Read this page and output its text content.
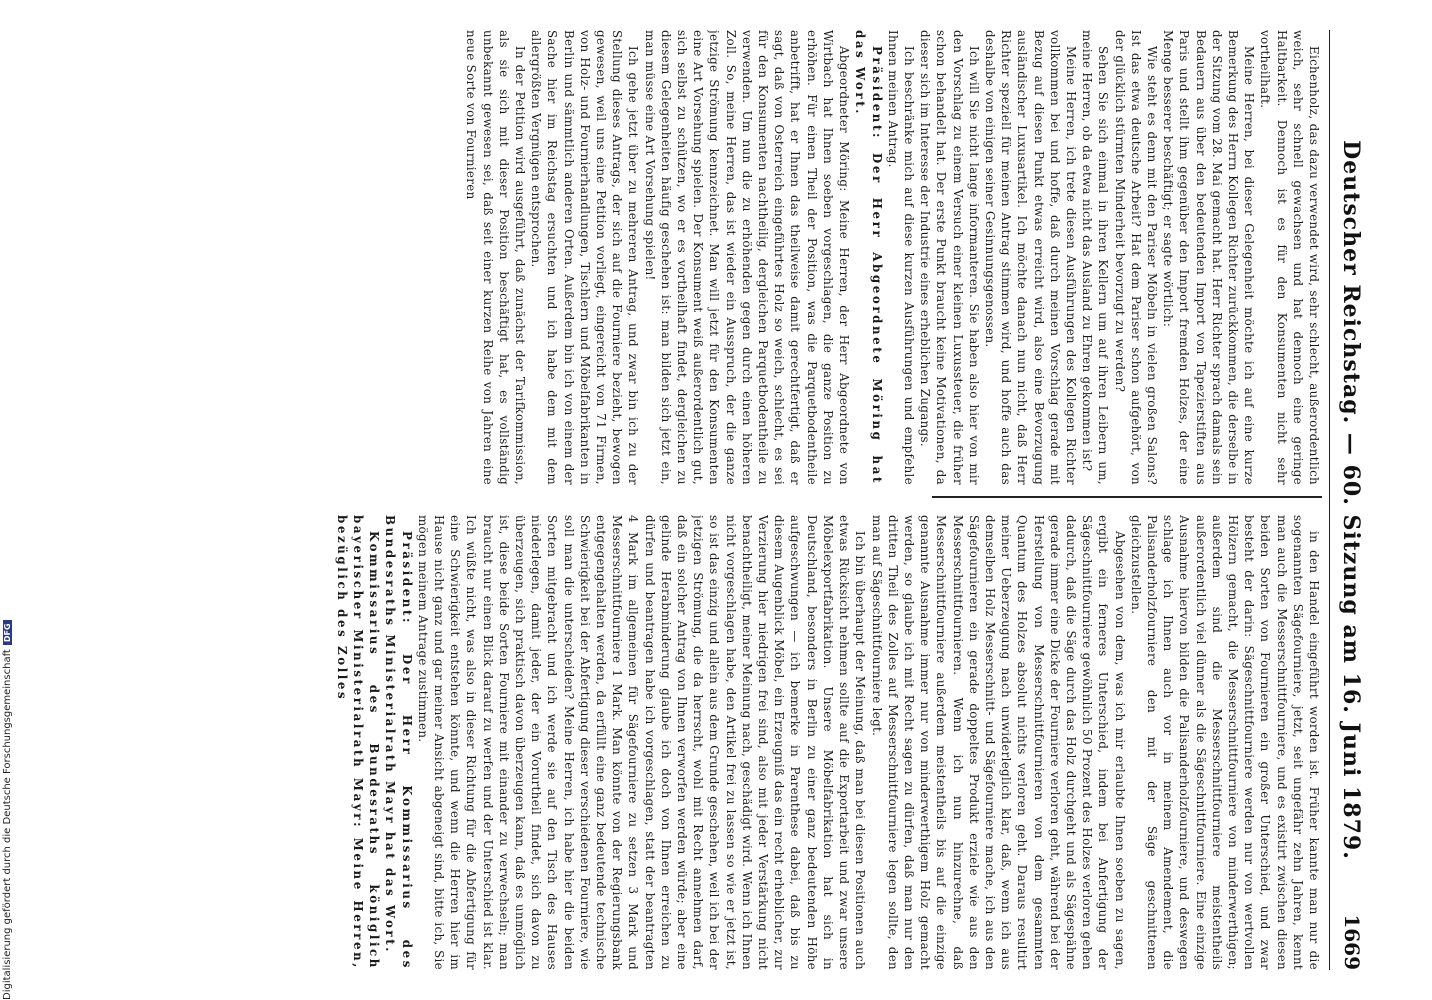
Digitalisierung gefördert durch die Deutsche ForschungsgemeinschaftDFG	Deutscher Reichstag. — 60. Sitzung am 16. Juni 1879.
1669

Eichenholz, das dazu verwendet wird, sehr schlecht, außerordentlich weich, sehr schnell gewachsen und hat dennoch eine geringe Haltbarkeit. Dennoch ist es für den Konsumenten nicht sehr vortheilhaft.

Meine Herren, bei dieser Gelegenheit möchte ich auf eine kurze Bemerkung des Herrn Kollegen Richter zurückkommen, die derselbe in der Sitzung vom 28. Mai gemacht hat. Herr Richter sprach damals sein Bedauern aus über den bedeutenden Import von Tapezierstiften aus Paris und stellt ihm gegenüber den Import fremden Holzes, der eine Menge besserer beschäftigt; er sagte wörtlich:

Wie steht es denn mit den Pariser Möbeln in vielen großen Salons? Ist das etwa deutsche Arbeit? Hat dem Pariser schon aufgehört, von der glücklich stürmten Minderheit bevorzugt zu werden?

Sehen Sie sich einmal in ihren Kellern um auf ihren Leibern um, meine Herren, ob da etwa nicht das Ausland zu Ehren gekommen ist?

Meine Herren, ich trete diesen Ausführungen des Kollegen Richter vollkommen bei und hoffe, daß durch meinen Vorschlag gerade mit Bezug auf diesen Punkt etwas erreicht wird, also eine Bevorzugung ausländischer Luxusartikel. Ich möchte danach nun nicht, daß Herr Richter speziell für meinen Antrag stimmen wird, und hoffe auch das deshalbe von einigen seiner Gesinnungsgenossen.

Ich will Sie nicht lange informanteren. Sie haben also hier von mir den Vorschlag zu einem Versuch einer kleinen Luxussteuer, die früher schon behandelt hat. Der erste Punkt braucht keine Motivationen, da dieser sich im Interesse der Industrie eines erheblichen Zugangs.

Ich beschränke mich auf diese kurzen Ausführungen und empfehle Ihnen meinen Antrag.

Präsident: Der Herr Abgeordnete Möring hat das Wort.

Abgeordneter Möring: Meine Herren, der Herr Abgeordnete von Wirtbach hat Ihnen soeben vorgeschlagen, die ganze Position zu erhöhen. Für einen Theil der Position, was die Parquetbodentheile anbetrifft, hat er Ihnen das theilweise damit gerechtfertigt, daß er sagt, daß von Osterreich eingeführtes Holz so weich, schlecht, es sei für den Konsumenten nachtheilig, dergleichen Parquetbodentheile zu verwenden. Um nun die zu erhöhenden gegen durch einen höheren Zoll. So, meine Herren, das ist wieder ein Ausspruch, der die ganze jetzige Strömung kennzeichnet. Man will jetzt für den Konsumenten eine Art Vorsehung spielen. Der Konsument weiß außerordentlich gut, sich selbst zu schützen, wo er es vortheilhaft findet, dergleichen zu diesem Gelegenheiten häufig geschehen ist: man bilden sich jetzt ein, man müsse eine Art Vorsehung spielen!

Ich gehe jetzt über zu mehreren Antrag, und zwar bin ich zu der Stellung dieses Antrags, der sich auf die Fourniere bezieht, bewogen gewesen, weil uns eine Petition vorliegt, eingereicht von 71 Firmen, von Holz- und Fournierhandlungen, Tischlern und Möbelfabrikanten in Berlin und sämmtlich anderen Orten. Außerdem bin ich von einem der Sache hier im Reichstag ersuchten und ich habe dem mit dem allergrößten Vergnügen entsprochen.

In der Petition wird ausgeführt, daß zunächst der Tarifkommission, als sie sich mit dieser Position beschäftigt hat, es vollständig unbekannt gewesen sei, daß seit einer kurzen Reihe von Jahren eine neue Sorte von Fournieren

in den Handel eingeführt worden ist. Früher kannte man nur die sogenannten Sägefourniere, jetzt, seit ungefähr zehn Jahren, kennt man auch die Messerschnittfourniere, und es existirt zwischen diesen beiden Sorten von Fournieren ein großer Unterschied, und zwar besteht der darin: Sägeschnittfourniere werden nur von wertvollen Hölzern gemacht, die Messerschnittfourniere von minderwerthigen; außerdem sind die Messerschnittfourniere meistentheils außerordentlich viel dünner als die Sägeschnittfourniere. Eine einzige Ausnahme hiervon bilden die Palisanderholzfourniere, und deswegen schlage ich Ihnen auch vor in meinem Amendement, die Palisanderholzfourniere den mit der Säge geschnittenen gleichzustellen.

Abgesehen von dem, was ich mir erlaubte Ihnen soeben zu sagen, ergibt ein ferneres Unterschied, indem bei Anfertigung der Sägeschnittfourniere gewöhnlich 50 Prozent des Holzes verloren gehen dadurch, daß die Säge durch das Holz durchgeht und als Sägespähne gerade immer eine Dicke der Fourniere verloren geht, während bei der Herstellung von Messerschnittfournieren von dem gesammten Quantum des Holzes absolut nichts verloren geht. Daraus resultirt meiner Ueberzeugung nach unwiderleglich klar, daß, wenn ich aus demselben Holz Messerschnitt- und Sägefourniere mache, ich aus den Sägefournieren ein gerade doppeltes Produkt erziele wie aus den Messerschnittfournieren. Wenn ich nun hinzurechne, daß Messerschnittfourniere außerdem meistentheils bis auf die einzige genannte Ausnahme immer nur von minderwerthigem Holz gemacht werden, so glaube ich mit Recht sagen zu dürfen, daß man nur den dritten Theil des Zolles auf Messerschnittfourniere legen sollte, den man auf Sägeschnittfourniere legt.

Ich bin überhaupt der Meinung, daß man bei diesen Positionen auch etwas Rücksicht nehmen sollte auf die Exportarbeit und zwar unsere Möbelexportfabrikation. Unsere Möbelfabrikation hat sich in Deutschland, besonders in Berlin zu einer ganz bedeutenden Höhe aufgeschwungen — ich bemerke in Parenthese dabei, daß bis zu diesem Augenblick Möbel, ein Erzeugniß das ein recht erheblicher, zur Verzierung hier niedrigen frei sind, also mit jeder Verstärkung nicht benachtheiligt, meiner Meinung nach, geschädigt wird. Wenn ich Ihnen nicht vorgeschlagen habe, den Artikel frei zu lassen so wie er jetzt ist, so ist das einzig und allein aus dem Grunde geschehen, weil ich bei der jetzigen Strömung, die da herrscht, wohl mit Recht annehmen darf, daß ein solcher Antrag von Ihnen verworfen werden würde; aber eine gelinde Herabminderung glaube ich doch von Ihnen erreichen zu dürfen und beantragen habe ich vorgeschlagen, statt der beantragten 4 Mark im allgemeinen für Sägefourniere zu setzen 3 Mark und Messerschnittfourniere 1 Mark. Man könnte von der Regierungsbank entgegengehalten werden, da erfüllt eine ganz bedeutende technische Schwierigkeit bei der Abfertigung dieser verschiedenen Fourniere, wie soll man die unterscheiden? Meine Herren, ich habe hier die beiden Sorten mitgebracht und ich werde sie auf den Tisch des Hauses niederlegen, damit jeder, der ein Vorurtheil findet, sich davon zu überzeugen, sich praktisch davon überzeugen kann, daß es unmöglich ist, diese beide Sorten Fourniere mit einander zu verwechseln; man braucht nur einen Blick darauf zu werfen und der Unterschied ist klar. Ich wüßte nicht, was also in dieser Richtung für die Abfertigung für eine Schwierigkeit entstehen könnte, und wenn die Herren hier im Hause nicht ganz und gar meiner Ansicht abgeneigt sind, bitte ich, Sie mögen meinem Antrage zustimmen.

Präsident: Der Herr Kommissarius des Bundesraths Ministerialrath Mayr hat das Wort.

Kommissarius des Bundesraths königlich bayerischer Ministerialrath Mayr: Meine Herren, bezüglich des Zolles
